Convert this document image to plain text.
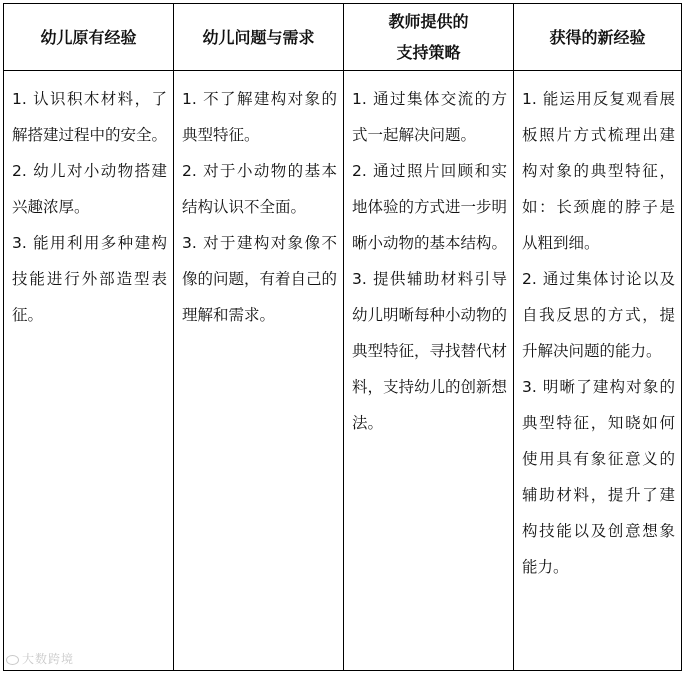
幼儿原有经验	幼儿问题与需求	教师提供的
支持策略	获得的新经验

1. 认识积木材料，了解搭建过程中的安全。
2. 幼儿对小动物搭建兴趣浓厚。
3. 能用利用多种建构技能进行外部造型表征。	1. 不了解建构对象的典型特征。
2. 对于小动物的基本结构认识不全面。
3. 对于建构对象像不像的问题，有着自己的理解和需求。	1. 通过集体交流的方式一起解决问题。
2. 通过照片回顾和实地体验的方式进一步明晰小动物的基本结构。
3. 提供辅助材料引导幼儿明晰每种小动物的典型特征，寻找替代材料，支持幼儿的创新想法。	1. 能运用反复观看展板照片方式梳理出建构对象的典型特征，如：长颈鹿的脖子是从粗到细。
2. 通过集体讨论以及自我反思的方式，提升解决问题的能力。
3. 明晰了建构对象的典型特征，知晓如何使用具有象征意义的辅助材料，提升了建构技能以及创意想象能力。
大数跨境
